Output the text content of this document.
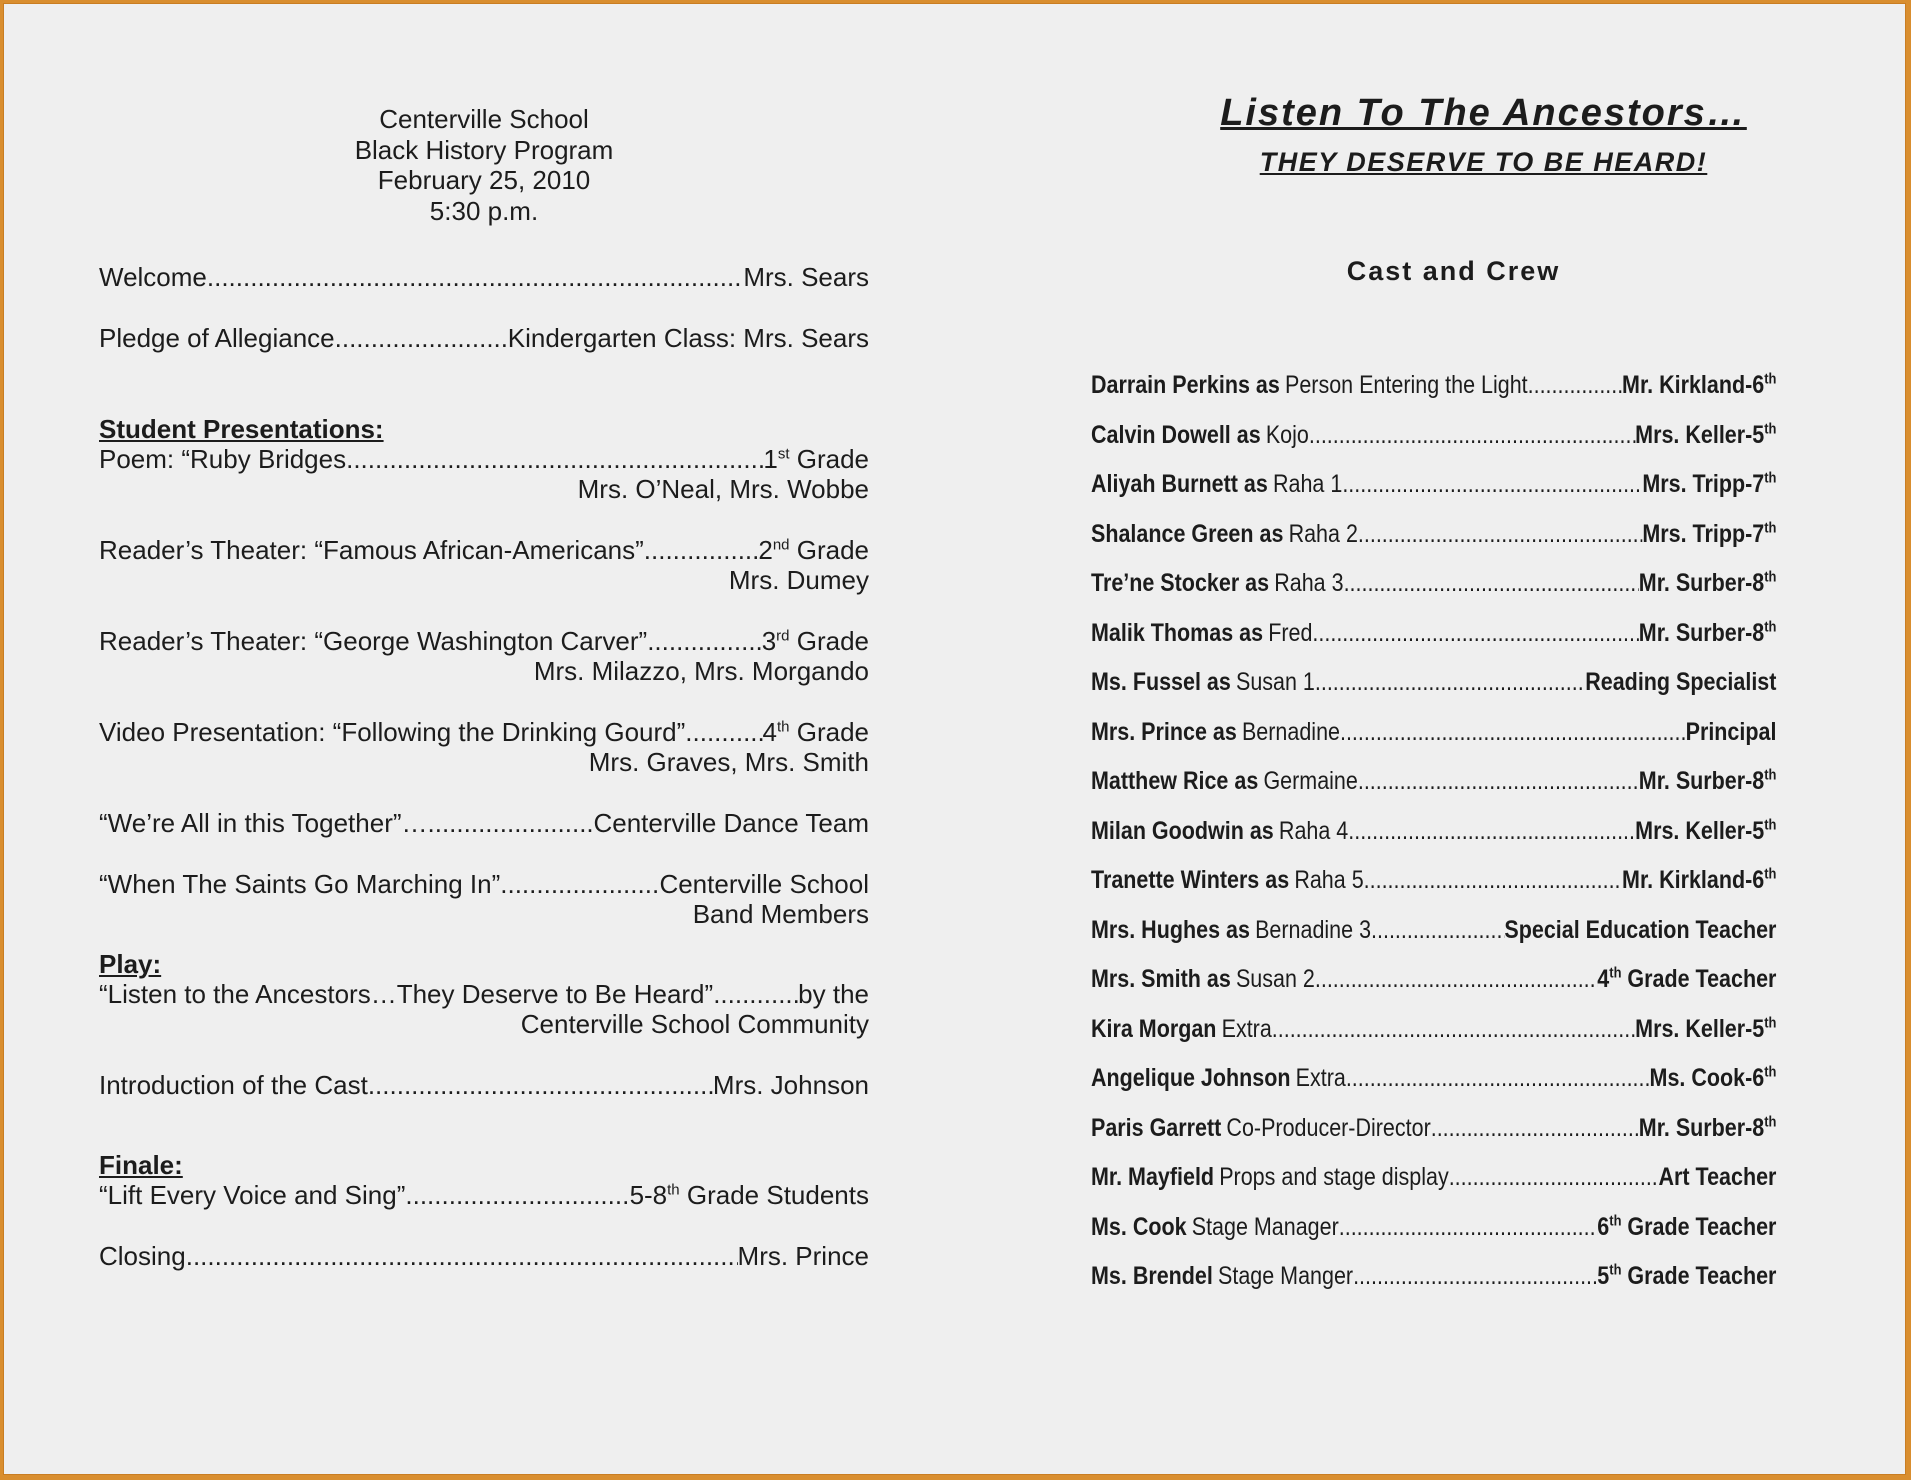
Centerville School
Black History Program
February 25, 2010
5:30 p.m.
Welcome .....	Mrs. Sears
Pledge of Allegiance .....	Kindergarten Class: Mrs. Sears
Student Presentations:
Poem: “Ruby Bridges .....	1st Grade
Mrs. O’Neal, Mrs. Wobbe
Reader’s Theater: “Famous African-Americans” .....	2nd Grade
Mrs. Dumey
Reader’s Theater: “George Washington Carver” .....	3rd Grade
Mrs. Milazzo, Mrs. Morgando
Video Presentation: “Following the Drinking Gourd” .....	4th Grade
Mrs. Graves, Mrs. Smith
“We’re All in this Together”….. .....	Centerville Dance Team
“When The Saints Go Marching In” .....	Centerville School
Band Members
Play:
“Listen to the Ancestors…They Deserve to Be Heard” .....	by the
Centerville School Community
Introduction of the Cast .....	Mrs. Johnson
Finale:
“Lift Every Voice and Sing” .....	5-8th Grade Students
Closing .....	Mrs. Prince
Listen To The Ancestors…
THEY DESERVE TO BE HEARD!
Cast and Crew
Darrain Perkins as Person Entering the Light .....	Mr. Kirkland-6th
Calvin Dowell as Kojo .....	Mrs. Keller-5th
Aliyah Burnett as Raha 1 .....	Mrs. Tripp-7th
Shalance Green as Raha 2 .....	Mrs. Tripp-7th
Tre’ne Stocker as Raha 3 .....	Mr. Surber-8th
Malik Thomas as Fred .....	Mr. Surber-8th
Ms. Fussel as Susan 1 .....	Reading Specialist
Mrs. Prince as Bernadine .....	Principal
Matthew Rice as Germaine .....	Mr. Surber-8th
Milan Goodwin as Raha 4 .....	Mrs. Keller-5th
Tranette Winters as Raha 5 .....	Mr. Kirkland-6th
Mrs. Hughes as Bernadine 3 .....	Special Education Teacher
Mrs. Smith as Susan 2 .....	4th Grade Teacher
Kira Morgan Extra .....	Mrs. Keller-5th
Angelique Johnson Extra .....	Ms. Cook-6th
Paris Garrett Co-Producer-Director .....	Mr. Surber-8th
Mr. Mayfield Props and stage display .....	Art Teacher
Ms. Cook Stage Manager .....	6th Grade Teacher
Ms. Brendel Stage Manger .....	5th Grade Teacher
